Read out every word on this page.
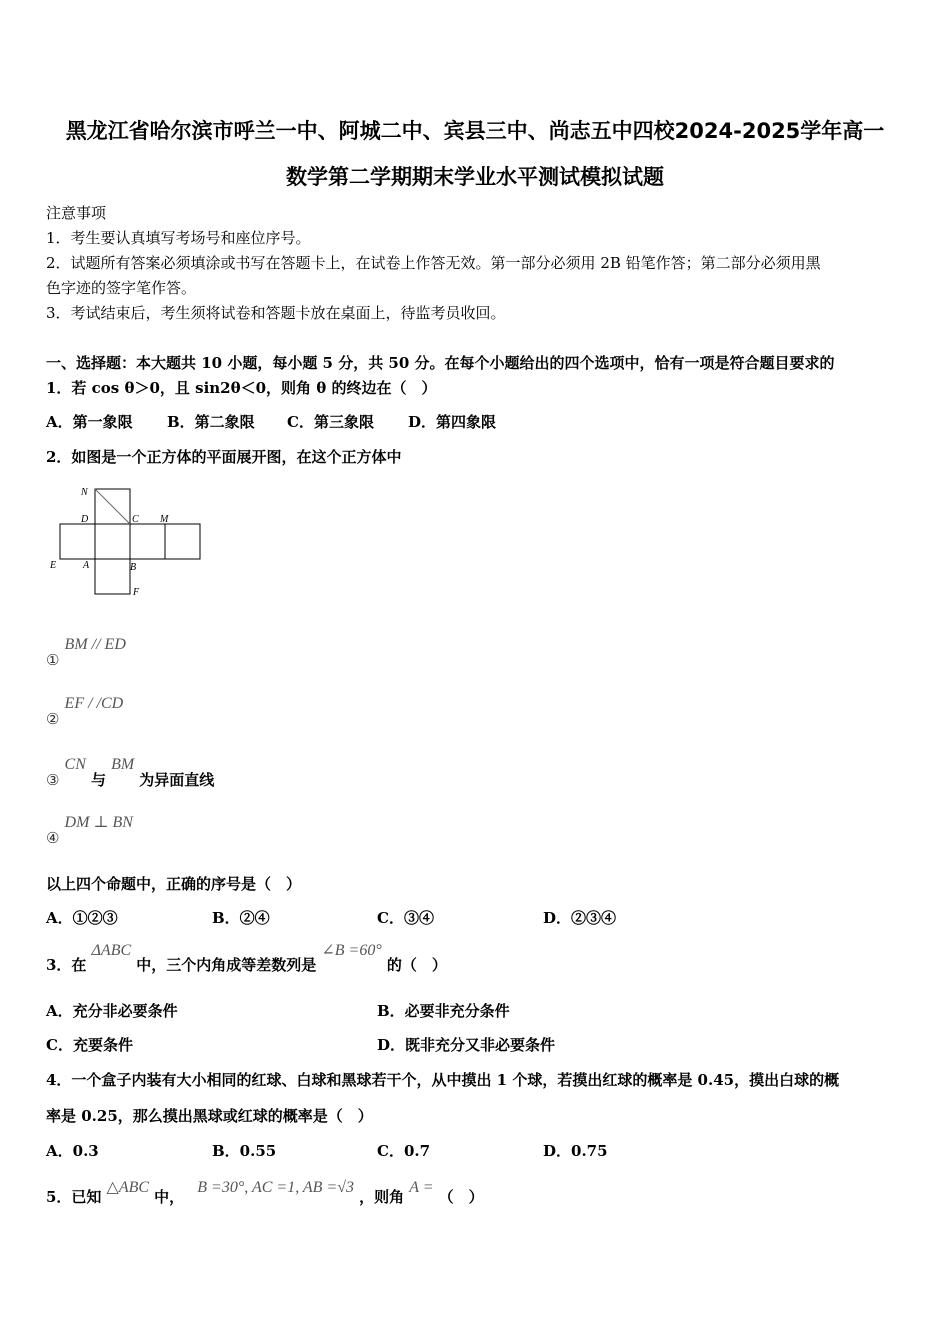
黑龙江省哈尔滨市呼兰一中、阿城二中、宾县三中、尚志五中四校2024-2025学年高一
数学第二学期期末学业水平测试模拟试题
注意事项
1．考生要认真填写考场号和座位序号。
2．试题所有答案必须填涂或书写在答题卡上，在试卷上作答无效。第一部分必须用 2B 铅笔作答；第二部分必须用黑
色字迹的签字笔作答。
3．考试结束后，考生须将试卷和答题卡放在桌面上，待监考员收回。
一、选择题：本大题共 10 小题，每小题 5 分，共 50 分。在每个小题给出的四个选项中，恰有一项是符合题目要求的
1．若 cos θ＞0，且 sin2θ＜0，则角 θ 的终边在（　）
A．第一象限 B．第二象限 C．第三象限 D．第四象限
2．如图是一个正方体的平面展开图，在这个正方体中
N
D	C M
E	A	B
F
① BM // ED
② EF / /CD
③ CN 与 BM 为异面直线
④ DM ⊥ BN
以上四个命题中，正确的序号是（　）
A．①②③	B．②④	C．③④	D．②③④
3．在 ΔABC 中，三个内角成等差数列是 ∠B =60° 的（　）
A．充分非必要条件	B．必要非充分条件
C．充要条件	D．既非充分又非必要条件
4．一个盒子内装有大小相同的红球、白球和黑球若干个，从中摸出 1 个球，若摸出红球的概率是 0.45，摸出白球的概
率是 0.25，那么摸出黑球或红球的概率是（　）
A．0.3	B．0.55	C．0.7	D．0.75
5．已知 △ABC 中， B =30°, AC =1, AB =√3 ，则角 A = （　）
